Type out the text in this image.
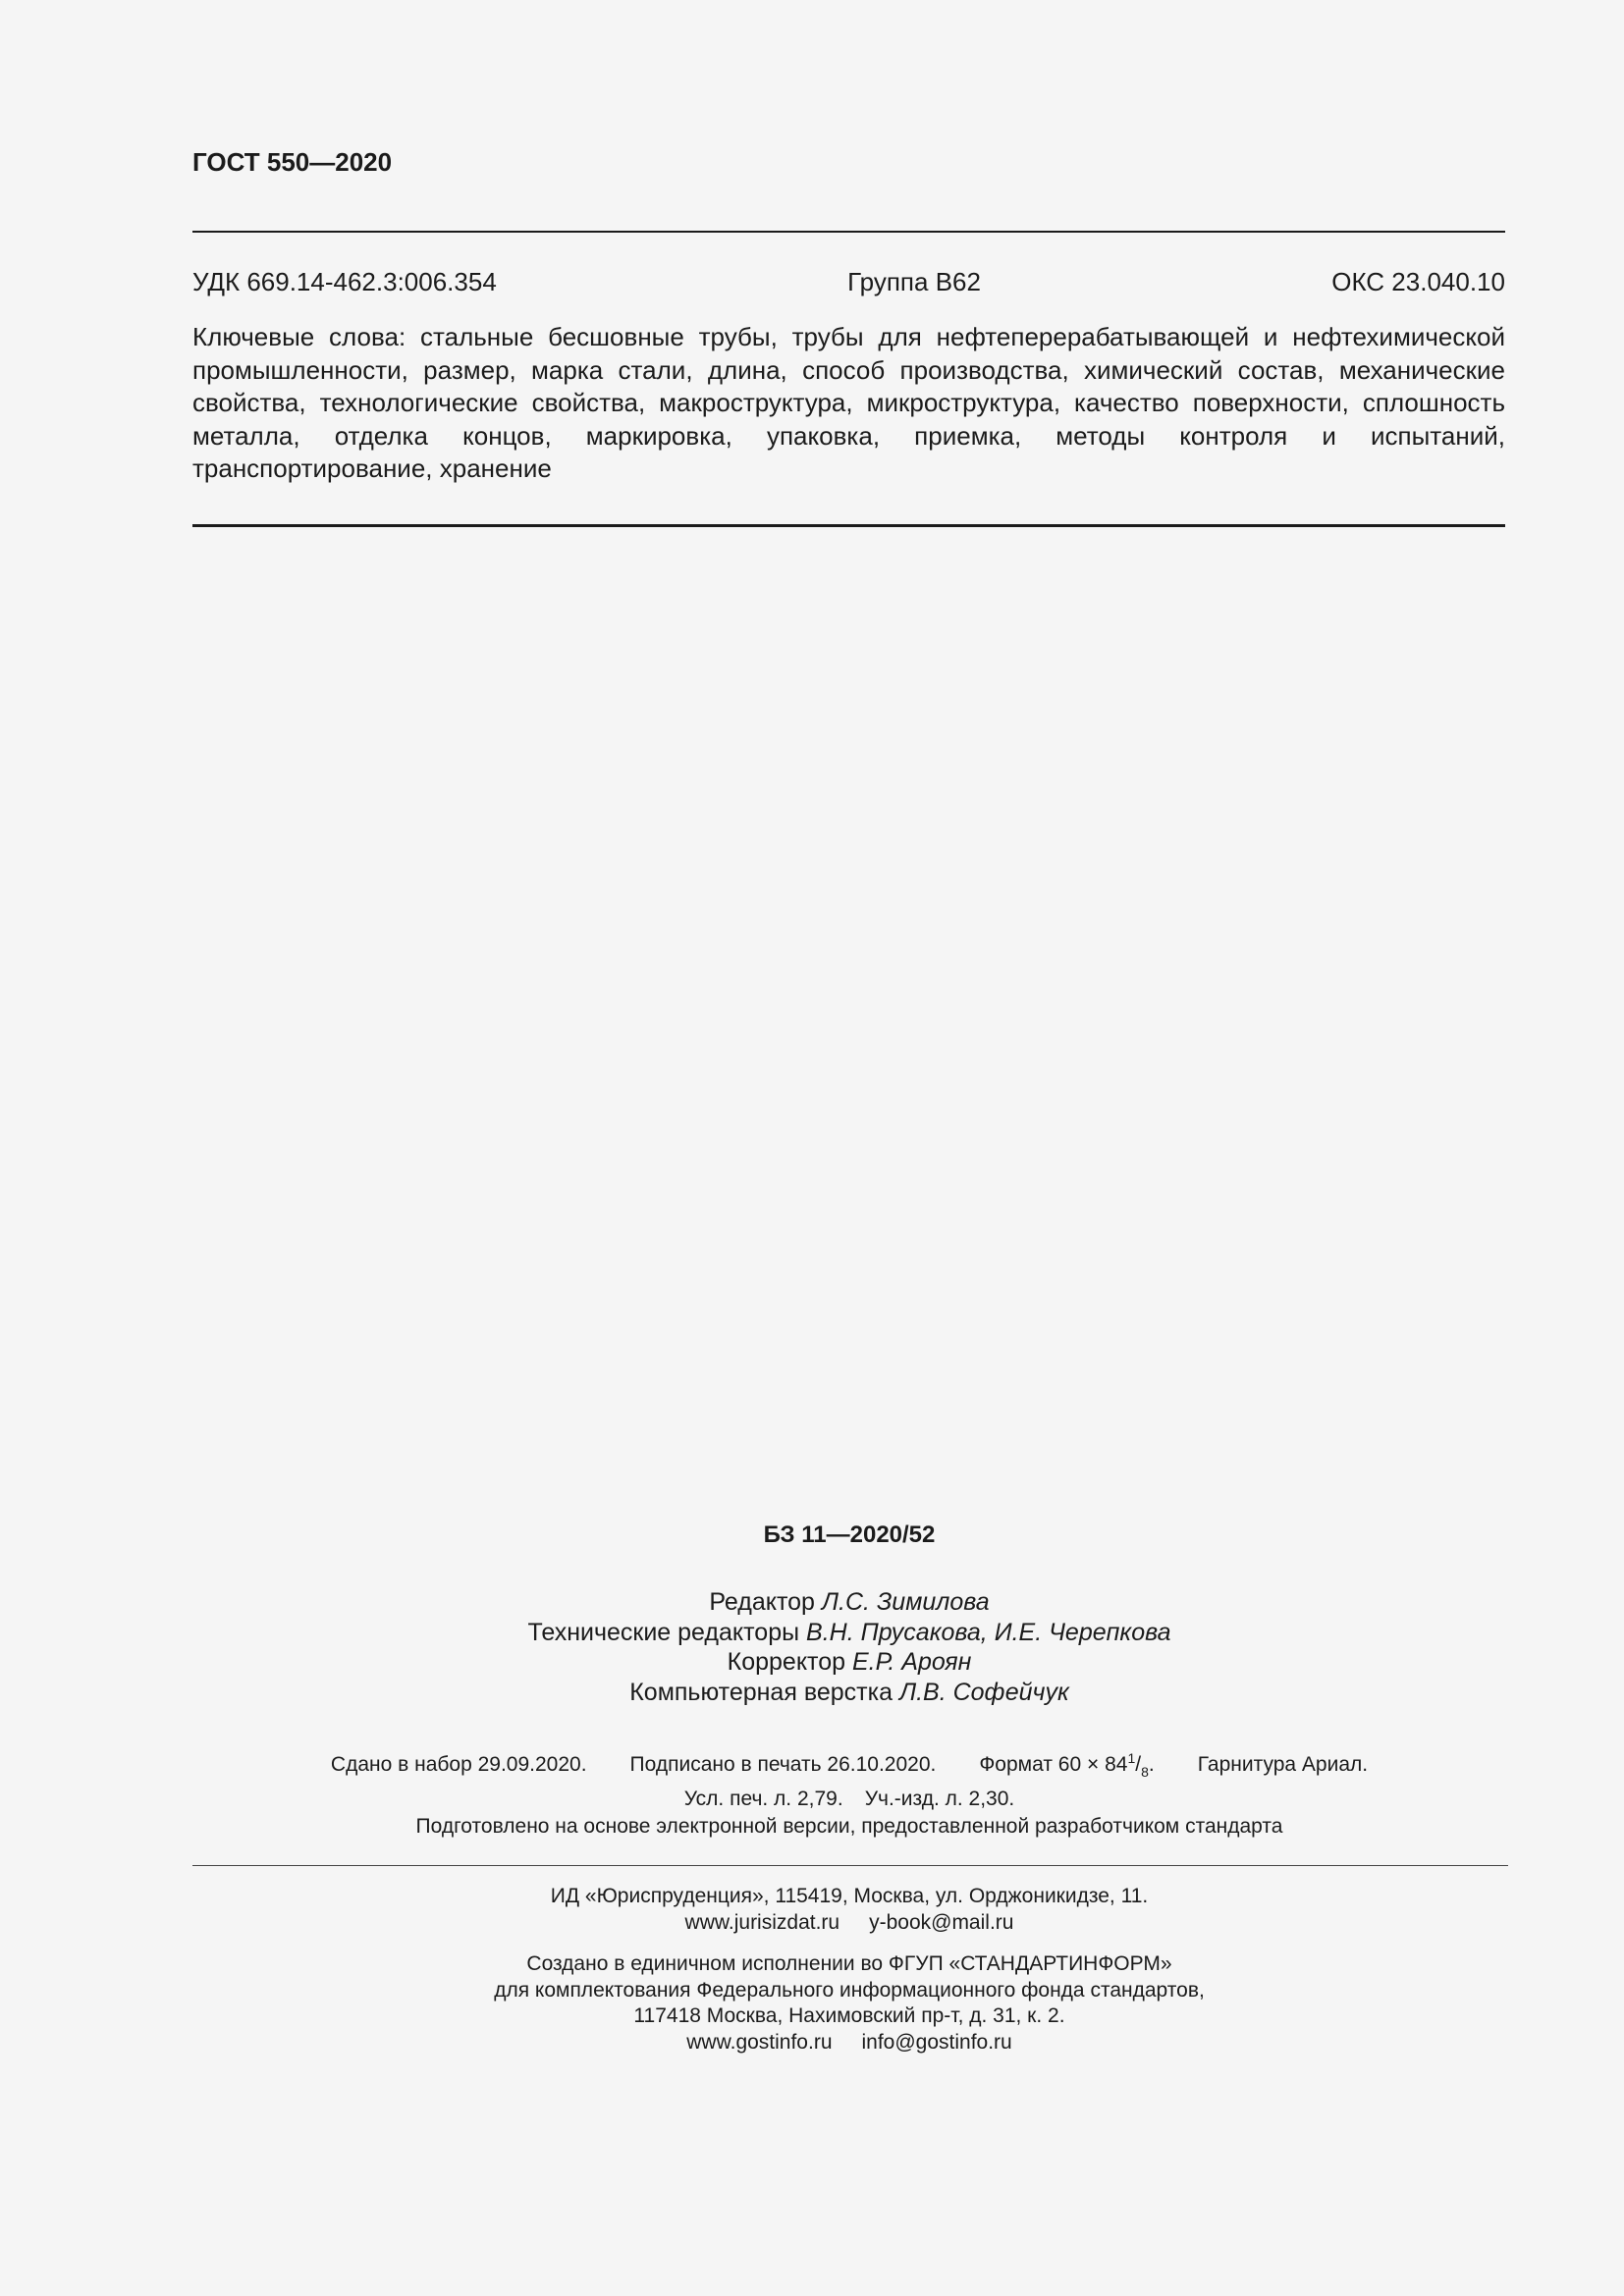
ГОСТ 550—2020
УДК 669.14-462.3:006.354	Группа В62	ОКС 23.040.10

Ключевые слова: стальные бесшовные трубы, трубы для нефтеперерабатывающей и нефтехимической промышленности, размер, марка стали, длина, способ производства, химический состав, механические свойства, технологические свойства, макроструктура, микроструктура, качество поверхности, сплошность металла, отделка концов, маркировка, упаковка, приемка, методы контроля и испытаний, транспортирование, хранение

БЗ 11—2020/52
Редактор Л.С. Зимилова
Технические редакторы В.Н. Прусакова, И.Е. Черепкова
Корректор Е.Р. Ароян
Компьютерная верстка Л.В. Софейчук
Сдано в набор 29.09.2020. Подписано в печать 26.10.2020. Формат $60 \times 84^1/_8$. Гарнитура Ариал.
Усл. печ. л. 2,79. Уч.-изд. л. 2,30.
Подготовлено на основе электронной версии, предоставленной разработчиком стандарта
ИД «Юриспруденция», 115419, Москва, ул. Орджоникидзе, 11.
www.jurisizdat.ru y-book@mail.ru
Создано в единичном исполнении во ФГУП «СТАНДАРТИНФОРМ»
для комплектования Федерального информационного фонда стандартов,
117418 Москва, Нахимовский пр-т, д. 31, к. 2.
www.gostinfo.ru info@gostinfo.ru
